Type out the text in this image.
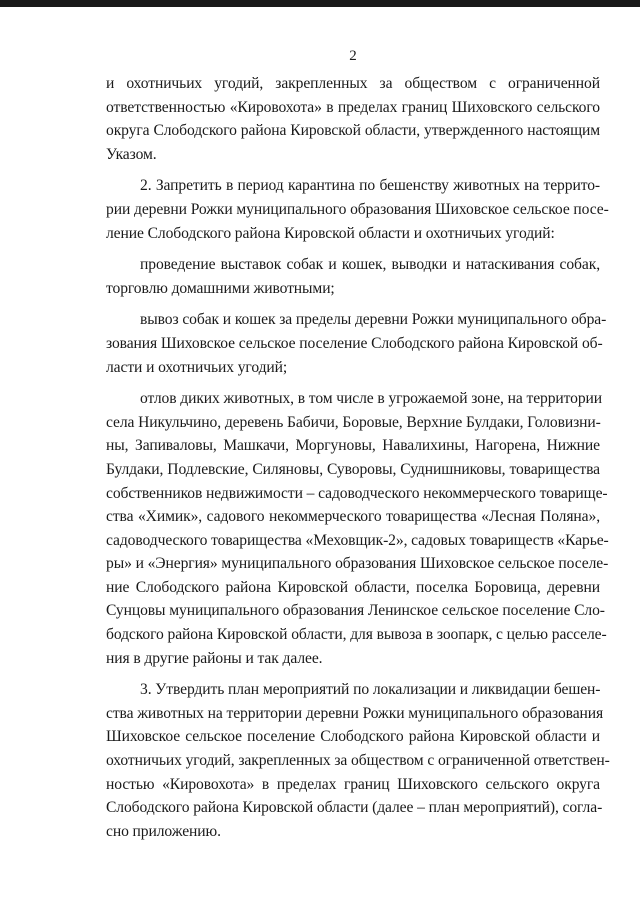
2
и охотничьих угодий, закрепленных за обществом с ограниченной
ответственностью «Кировохота» в пределах границ Шиховского сельского
округа Слободского района Кировской области, утвержденного настоящим
Указом.
2. Запретить в период карантина по бешенству животных на террито-
рии деревни Рожки муниципального образования Шиховское сельское посе-
ление Слободского района Кировской области и охотничьих угодий:
проведение выставок собак и кошек, выводки и натаскивания собак,
торговлю домашними животными;
вывоз собак и кошек за пределы деревни Рожки муниципального обра-
зования Шиховское сельское поселение Слободского района Кировской об-
ласти и охотничьих угодий;
отлов диких животных, в том числе в угрожаемой зоне, на территории
села Никульчино, деревень Бабичи, Боровые, Верхние Булдаки, Головизни-
ны, Запиваловы, Машкачи, Моргуновы, Навалихины, Нагорена, Нижние
Булдаки, Подлевские, Силяновы, Суворовы, Суднишниковы, товарищества
собственников недвижимости – садоводческого некоммерческого товарище-
ства «Химик», садового некоммерческого товарищества «Лесная Поляна»,
садоводческого товарищества «Меховщик-2», садовых товариществ «Карье-
ры» и «Энергия» муниципального образования Шиховское сельское поселе-
ние Слободского района Кировской области, поселка Боровица, деревни
Сунцовы муниципального образования Ленинское сельское поселение Сло-
бодского района Кировской области, для вывоза в зоопарк, с целью расселе-
ния в другие районы и так далее.
3. Утвердить план мероприятий по локализации и ликвидации бешен-
ства животных на территории деревни Рожки муниципального образования
Шиховское сельское поселение Слободского района Кировской области и
охотничьих угодий, закрепленных за обществом с ограниченной ответствен-
ностью «Кировохота» в пределах границ Шиховского сельского округа
Слободского района Кировской области (далее – план мероприятий), согла-
сно приложению.
